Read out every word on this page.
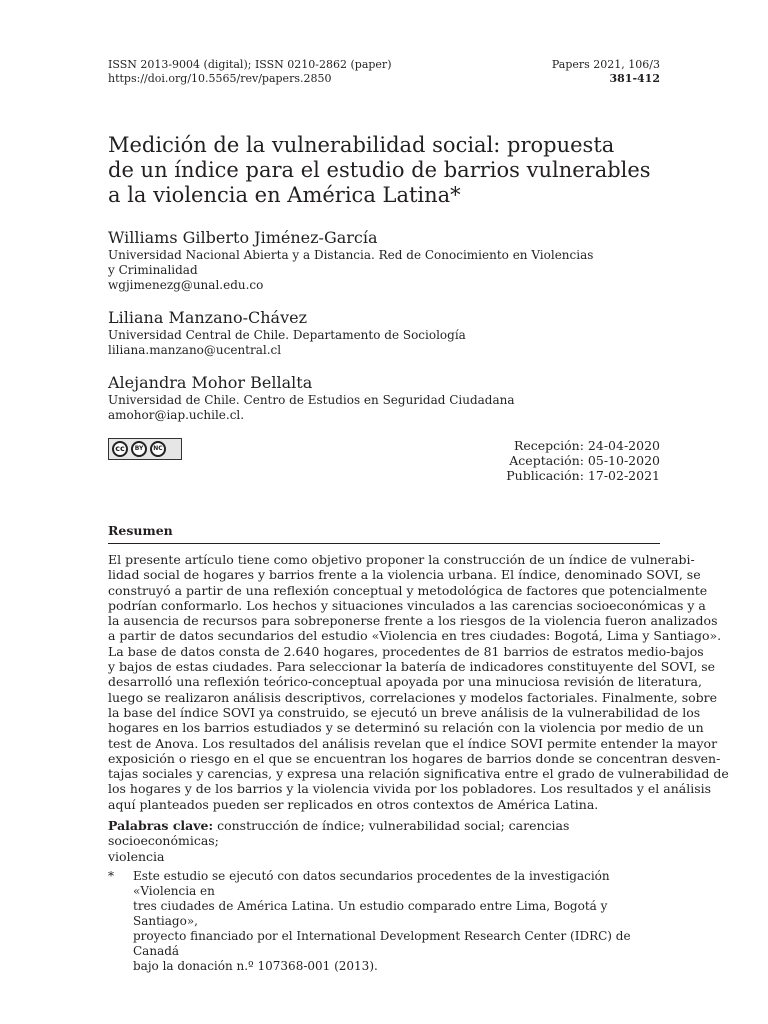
ISSN 2013-9004 (digital); ISSN 0210-2862 (paper)
https://doi.org/10.5565/rev/papers.2850
Papers 2021, 106/3
381-412
Medición de la vulnerabilidad social: propuesta
de un índice para el estudio de barrios vulnerables
a la violencia en América Latina*
Williams Gilberto Jiménez-García
Universidad Nacional Abierta y a Distancia. Red de Conocimiento en Violencias
y Criminalidad
wgjimenezg@unal.edu.co
Liliana Manzano-Chávez
Universidad Central de Chile. Departamento de Sociología
liliana.manzano@ucentral.cl
Alejandra Mohor Bellalta
Universidad de Chile. Centro de Estudios en Seguridad Ciudadana
amohor@iap.uchile.cl.
cc	BY	NC	Recepción: 24-04-2020
Aceptación: 05-10-2020
Publicación: 17-02-2021
Resumen
El presente artículo tiene como objetivo proponer la construcción de un índice de vulnerabi-
lidad social de hogares y barrios frente a la violencia urbana. El índice, denominado SOVI, se
construyó a partir de una reflexión conceptual y metodológica de factores que potencialmente
podrían conformarlo. Los hechos y situaciones vinculados a las carencias socioeconómicas y a
la ausencia de recursos para sobreponerse frente a los riesgos de la violencia fueron analizados
a partir de datos secundarios del estudio «Violencia en tres ciudades: Bogotá, Lima y Santiago».
La base de datos consta de 2.640 hogares, procedentes de 81 barrios de estratos medio-bajos
y bajos de estas ciudades. Para seleccionar la batería de indicadores constituyente del SOVI, se
desarrolló una reflexión teórico-conceptual apoyada por una minuciosa revisión de literatura,
luego se realizaron análisis descriptivos, correlaciones y modelos factoriales. Finalmente, sobre
la base del índice SOVI ya construido, se ejecutó un breve análisis de la vulnerabilidad de los
hogares en los barrios estudiados y se determinó su relación con la violencia por medio de un
test de Anova. Los resultados del análisis revelan que el índice SOVI permite entender la mayor
exposición o riesgo en el que se encuentran los hogares de barrios donde se concentran desven-
tajas sociales y carencias, y expresa una relación significativa entre el grado de vulnerabilidad de
los hogares y de los barrios y la violencia vivida por los pobladores. Los resultados y el análisis
aquí planteados pueden ser replicados en otros contextos de América Latina.
Palabras clave: construcción de índice; vulnerabilidad social; carencias socioeconómicas;
violencia
*	Este estudio se ejecutó con datos secundarios procedentes de la investigación «Violencia en
tres ciudades de América Latina. Un estudio comparado entre Lima, Bogotá y Santiago»,
proyecto financiado por el International Development Research Center (IDRC) de Canadá
bajo la donación n.º 107368-001 (2013).
